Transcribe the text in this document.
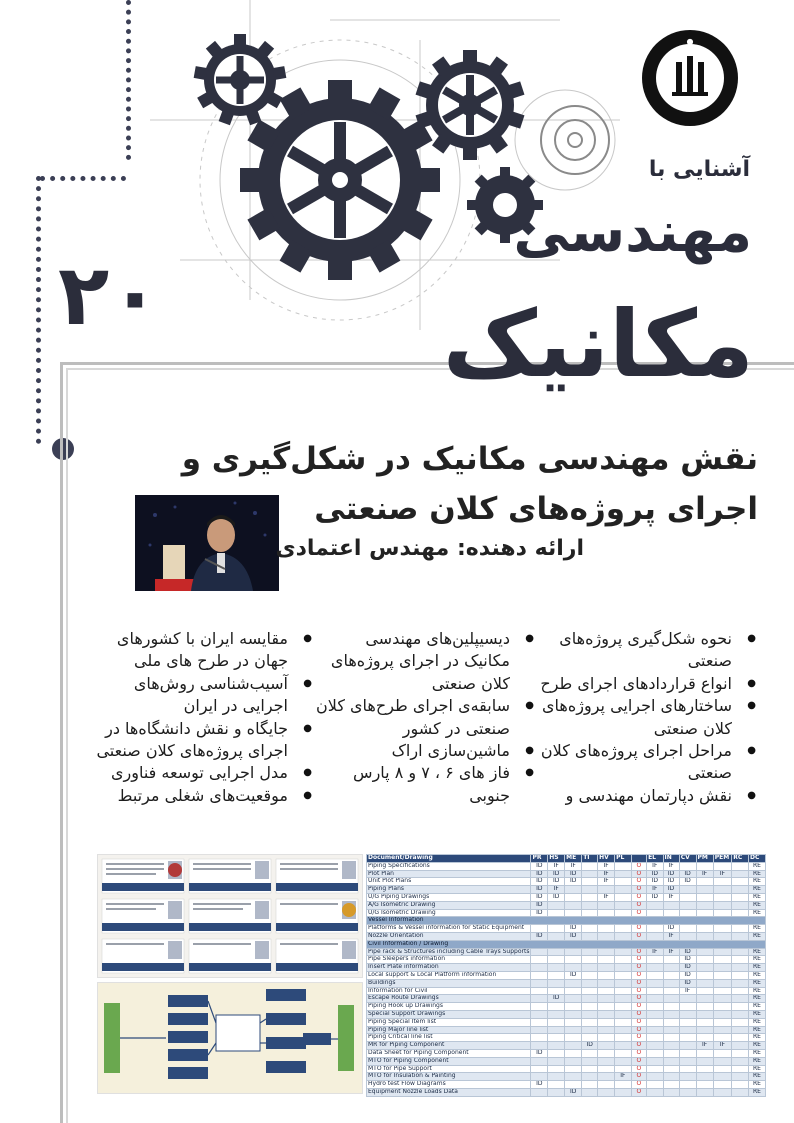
●
آشنایی با
مهندسی
مکانیک
۲۰
نقش مهندسی مکانیک در شکل‌گیری و اجرای پروژه‌های کلان صنعتی
ارائه دهنده: مهندس اعتمادی
● نحوه شکل‌گیری پروژه‌های صنعتی
● انواع قراردادهای اجرای طرح
● ساختارهای اجرایی پروژه‌های کلان صنعتی
● مراحل اجرای پروژه‌های کلان صنعتی
● نقش دپارتمان مهندسی و
● دیسیپلین‌های مهندسی مکانیک در اجرای پروژه‌های کلان صنعتی
● سابقه‌ی اجرای طرح‌های کلان صنعتی در کشور
● ماشین‌سازی اراک
● فاز های ۶ ، ۷ و ۸ پارس جنوبی
● مقایسه ایران با کشورهای جهان در طرح های ملی
● آسیب‌شناسی روش‌های اجرایی در ایران
● جایگاه و نقش دانشگاه‌ها در اجرای پروژه‌های کلان صنعتی
● مدل اجرایی توسعه فناوری
● موقعیت‌های شغلی مرتبط
Document/Drawing	PR	HS	ME	TI	HV	PL		EL	IN	CV	PM	PEM	RC	DC
Piping Specifications	ID	IF	IF		IF		O	IF	IF					RE
Plot Plan	ID	ID	ID		IF		O	ID	ID	ID	IF	IF		RE
Unit Plot Plans	ID	ID	ID		IF		O	ID	ID	ID				RE
Piping Plans	ID	IF					O	IF	ID					RE
U/G Piping Drawings	ID	ID			IF		O	ID	IF					RE
A/G Isometric Drawing	ID						O							RE
U/G Isometric Drawing	ID						O							RE
Vessel Information														
Platforms & Vessel information for Static Equipment			ID				O		ID					RE
Nozzle Orientation	ID		ID				O		IF					RE
Civil Information / Drawing														
Pipe rack & Structures including Cable Trays Supports							O	IF	IF	ID				RE
Pipe Sleepers information							O			ID				RE
Insert Plate information							O			ID				RE
Local support & Local Platform information			ID				O			ID				RE
Buildings							O			ID				RE
Information for Civil							O			IF				RE
Escape Route Drawings		ID					O							RE
Piping Hook up Drawings							O							RE
Special Support Drawings							O							RE
Piping Special Item list							O							RE
Piping Major line list							O							RE
Piping Critical line list							O							RE
MR for Piping Component				ID			O				IF	IF		RE
Data Sheet for Piping Component	ID						O							RE
MTO for Piping Component							O							RE
MTO for Pipe Support							O							RE
MTO for Insulation & Painting						IF	O							RE
Hydro test Flow Diagrams	ID						O							RE
Equipment Nozzle Loads Data			ID				O							RE
